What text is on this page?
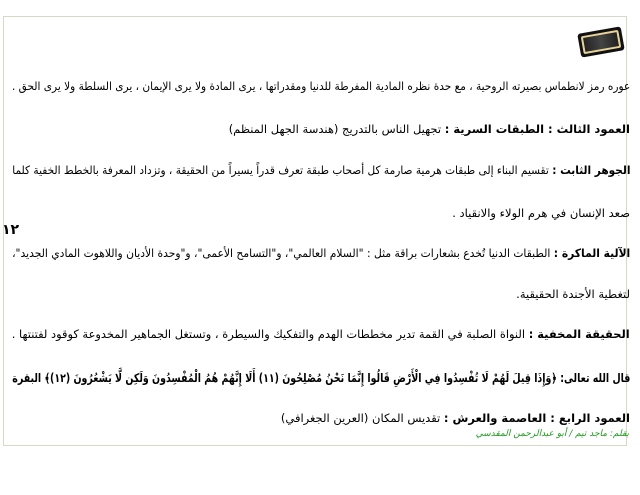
عوره رمز لانطماس بصيرته الروحية ، مع حدة نظره المادية المفرطة للدنيا ومقدراتها ، يرى المادة ولا يرى الإيمان ، يرى السلطة ولا يرى الحق .
العمود الثالث : الطبقات السرية : تجهيل الناس بالتدريج (هندسة الجهل المنظم)
الجوهر الثابت : تقسيم البناء إلى طبقات هرمية صارمة كل أصحاب طبقة تعرف قدراً يسيراً من الحقيقة ، وتزداد المعرفة بالخطط الخفية كلما
صعد الإنسان في هرم الولاء والانقياد .
الآلية الماكرة : الطبقات الدنيا تُخدع بشعارات براقة مثل : "السلام العالمي"، و"التسامح الأعمى"، و"وحدة الأديان واللاهوت المادي الجديد"،
لتغطية الأجندة الحقيقية.
الحقيقة المخفية : النواة الصلبة في القمة تدير مخططات الهدم والتفكيك والسيطرة ، وتستغل الجماهير المخدوعة كوقود لفتنتها .
قال الله تعالى: ﴿وَإِذَا قِيلَ لَهُمْ لَا تُفْسِدُوا فِي الْأَرْضِ قَالُوا إِنَّمَا نَحْنُ مُصْلِحُونَ (١١) أَلَا إِنَّهُمْ هُمُ الْمُفْسِدُونَ وَلَكِن لَّا يَشْعُرُونَ (١٢)﴾ البقرة
العمود الرابع : العاصمة والعرش : تقديس المكان (العرين الجغرافي)
١٢
بقلم: ماجد تيم / أبو عبدالرحمن المقدسي
